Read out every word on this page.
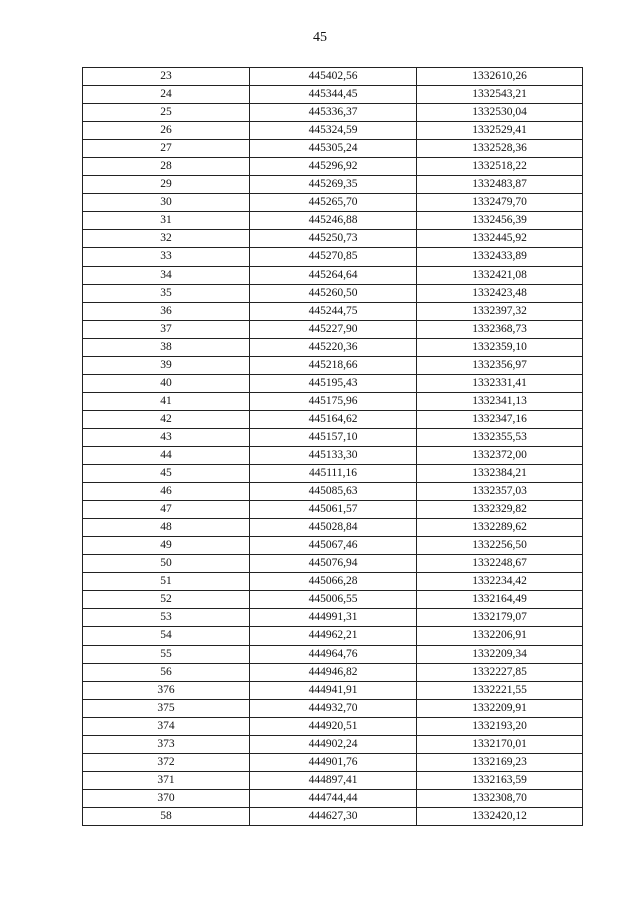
45
23	445402,56	1332610,26
24	445344,45	1332543,21
25	445336,37	1332530,04
26	445324,59	1332529,41
27	445305,24	1332528,36
28	445296,92	1332518,22
29	445269,35	1332483,87
30	445265,70	1332479,70
31	445246,88	1332456,39
32	445250,73	1332445,92
33	445270,85	1332433,89
34	445264,64	1332421,08
35	445260,50	1332423,48
36	445244,75	1332397,32
37	445227,90	1332368,73
38	445220,36	1332359,10
39	445218,66	1332356,97
40	445195,43	1332331,41
41	445175,96	1332341,13
42	445164,62	1332347,16
43	445157,10	1332355,53
44	445133,30	1332372,00
45	445111,16	1332384,21
46	445085,63	1332357,03
47	445061,57	1332329,82
48	445028,84	1332289,62
49	445067,46	1332256,50
50	445076,94	1332248,67
51	445066,28	1332234,42
52	445006,55	1332164,49
53	444991,31	1332179,07
54	444962,21	1332206,91
55	444964,76	1332209,34
56	444946,82	1332227,85
376	444941,91	1332221,55
375	444932,70	1332209,91
374	444920,51	1332193,20
373	444902,24	1332170,01
372	444901,76	1332169,23
371	444897,41	1332163,59
370	444744,44	1332308,70
58	444627,30	1332420,12
